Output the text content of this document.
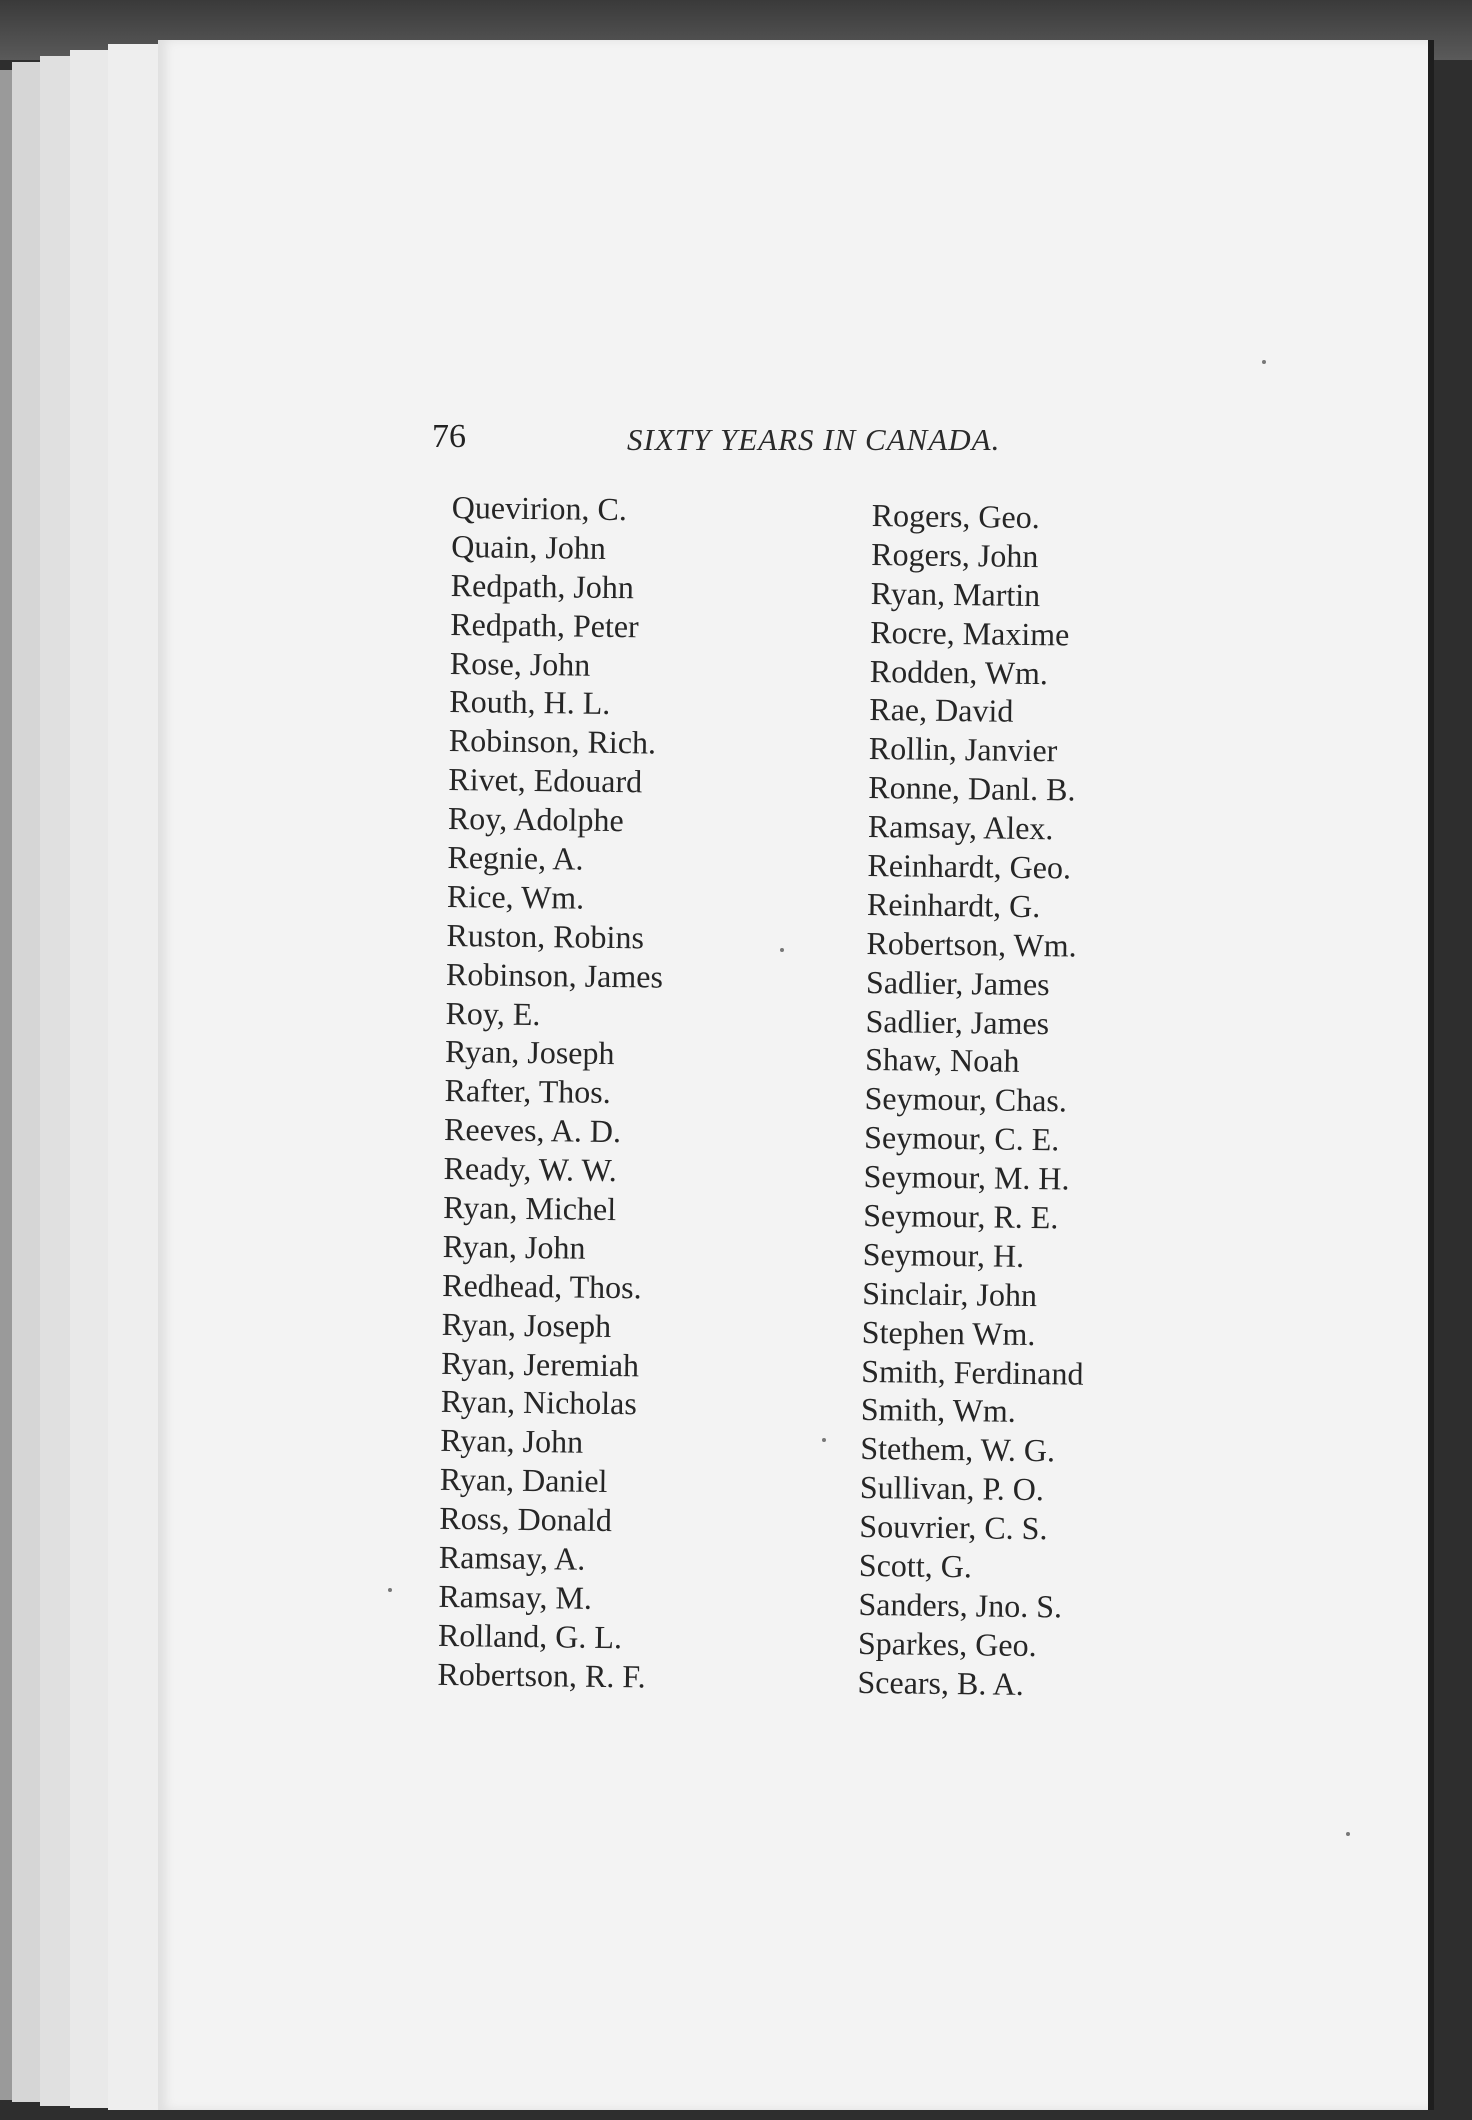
76	SIXTY YEARS IN CANADA.
Quevirion, C.
Quain, John
Redpath, John
Redpath, Peter
Rose, John
Routh, H. L.
Robinson, Rich.
Rivet, Edouard
Roy, Adolphe
Regnie, A.
Rice, Wm.
Ruston, Robins
Robinson, James
Roy, E.
Ryan, Joseph
Rafter, Thos.
Reeves, A. D.
Ready, W. W.
Ryan, Michel
Ryan, John
Redhead, Thos.
Ryan, Joseph
Ryan, Jeremiah
Ryan, Nicholas
Ryan, John
Ryan, Daniel
Ross, Donald
Ramsay, A.
Ramsay, M.
Rolland, G. L.
Robertson, R. F.
Rogers, Geo.
Rogers, John
Ryan, Martin
Rocre, Maxime
Rodden, Wm.
Rae, David
Rollin, Janvier
Ronne, Danl. B.
Ramsay, Alex.
Reinhardt, Geo.
Reinhardt, G.
Robertson, Wm.
Sadlier, James
Sadlier, James
Shaw, Noah
Seymour, Chas.
Seymour, C. E.
Seymour, M. H.
Seymour, R. E.
Seymour, H.
Sinclair, John
Stephen Wm.
Smith, Ferdinand
Smith, Wm.
Stethem, W. G.
Sullivan, P. O.
Souvrier, C. S.
Scott, G.
Sanders, Jno. S.
Sparkes, Geo.
Scears, B. A.
